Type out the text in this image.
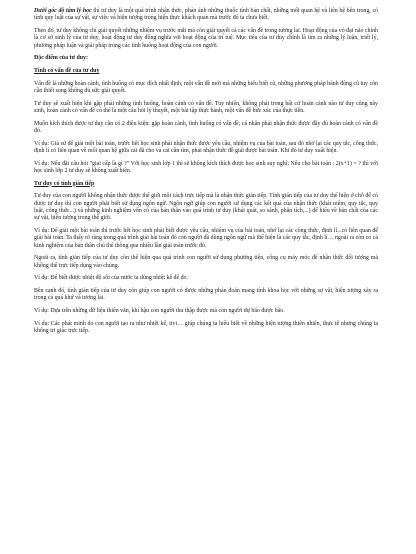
Dưới góc độ tâm lý học thì tư duy là một quá trình nhận thức, phản ánh những thuộc tính bản chất, những mối quan hệ và liên hệ bên trong, có tính quy luật của sự vật, sự việc và hiện tượng trong hiện thực khách quan mà trước đó ta chưa biết.

Theo đó, tư duy không chỉ giải quyết những nhiệm vụ trước mắt mà còn giải quyết cả các vấn đề trong tương lai. Hoạt động của vỏ đại não chính là cơ sở sinh lý của tư duy, hoạt động tư duy đồng nghĩa với hoạt động của trí tuệ. Mục tiêu của tư duy chính là tìm ra những lý luận, triết lý, phương pháp luận và giải pháp trong các tình huống hoạt động của con người.

Đặc điểm của tư duy:
Tính có vấn đề của tư duy

Vấn đề là những hoàn cảnh, tình huống có mục đích nhất định, một vấn đề mới mà những hiểu biết cũ, những phương pháp hành động cũ tuy còn cần thiết song không đủ sức giải quyết.

Tư duy sẽ xuất hiện khi gặp phải những tình huống, hoàn cảnh có vấn đề. Tuy nhiên, không phải trong bất cứ hoàn cảnh nào tư duy cũng này sinh, hoàn cảnh có vấn đề có thể là một câu hỏi lý thuyết, một bài tập thực hành, một vấn đề bức xúc của thực tiễn.

Muốn kích thích được tư duy cần có 2 điều kiện: gặp hoàn cảnh, tình huống có vấn đề; cá nhân phải nhận thức được đầy đủ hoàn cảnh có vấn đề đó.

Ví dụ: Giả sử để giải một bài toán, trước hết học sinh phải nhận thức được yêu cầu, nhiệm vụ của bài toán, sau đó nhớ lại các quy tắc, công thức, định lí có liên quan về mối quan hệ giữa cái đã cho và cái cần tìm, phải nhận thức đề giải được bài toán. Khi đó tư duy xuất hiện.

Ví dụ: Nếu đặt câu hỏi "giai cấp là gì ?" Với học sinh lớp 1 thì sẽ không kích thích được học sinh suy nghĩ; Nếu cho bài toán : 2(x+1) = ? thì với học sinh lớp 2 tư duy sẽ không xuất hiện.

Tư duy có tính gián tiếp

Tư duy của con người không nhận thức được thế giới một cách trực tiếp mà là nhận thức gián tiếp. Tính gián tiếp của tư duy thể hiện ở chỗ để có được tư duy thì con người phải biết sử dụng ngôn ngữ. Ngôn ngữ giúp con người sử dụng các kết quả của nhận thức (khái niệm, quy tắc, quy luật, công thức...) và những kinh nghiệm vốn có của bản thân vào quá trình tư duy (khái quát, so sánh, phân tích,...) để hiểu về bản chất của các sự vật, hiện tượng trong thế giới.

Ví dụ: Để giải một bài toán thì trước hết học sinh phải biết được yêu cầu, nhiệm vụ của bài toán, nhớ lại các công thức, định lí...có liên quan để giải bài toán. Ta thấy rõ ràng trong quá trình giải bài toán đó con người đã dùng ngôn ngữ mà thể hiện là các quy tắc, định lí… ngoài ra còn có cả kinh nghiệm của bản thân chủ thể thông qua nhiều lần giải toán trước đó.

Ngoài ra, tính gián tiếp của tư duy còn thể hiện qua quá trình con người sử dụng phương tiện, công cụ máy móc để nhận thức đối tượng mà không thể trực tiếp dụng vào chúng.

Ví dụ: Để biết được nhiệt độ sôi của nước ta dùng nhiệt kế để đo.

Bên cạnh đó, tính gián tiếp của tư duy còn giúp con người có được những phán đoán mang tính khoa học với những sự vật, hiện tượng xảy ra trong cả quá khứ và tương lai.

Ví dụ: Dựa trên những dữ liệu thiên văn, khí hậu con người thu thập được mà con người dự báo được bão.

Ví dụ: Các phát minh do con người tạo ra như nhiệt kế, tivi… giúp chúng ta hiểu biết về những hiện tượng thiên nhiên, thực tế nhưng chúng ta không tri giác trực tiếp.
